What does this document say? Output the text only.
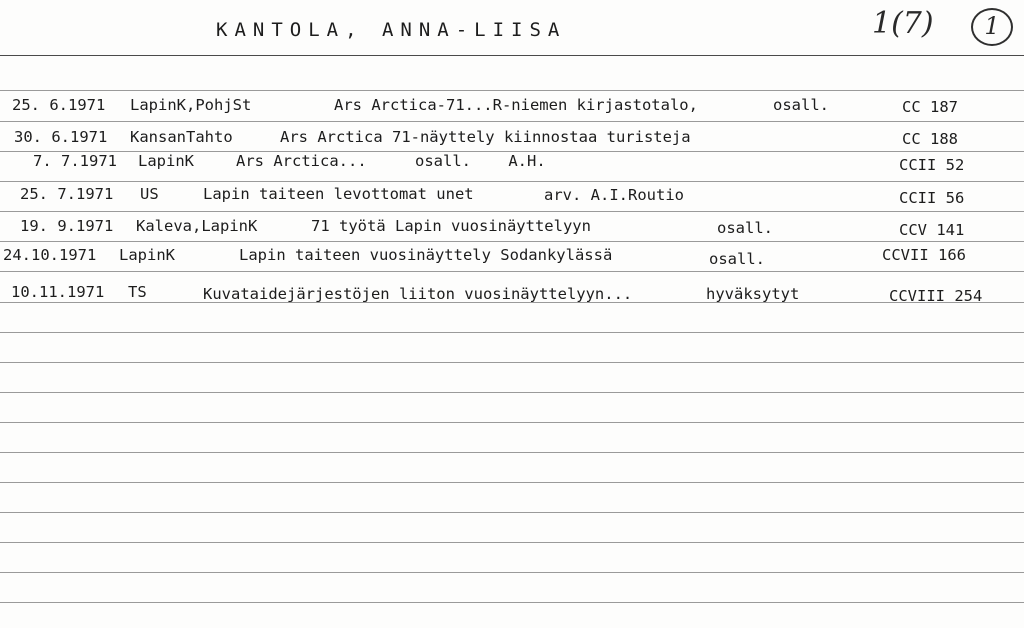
KANTOLA, ANNA-LIISA	1(7)	1
25. 6.1971 LapinK,PohjSt	Ars Arctica-71...R-niemen kirjastotalo,	osall.	CC 187
30. 6.1971 KansanTahto	Ars Arctica 71-näyttely kiinnostaa turisteja	CC 188
7. 7.1971 LapinK	Ars Arctica...	osall.    A.H.	CCII 52
25. 7.1971 US	Lapin taiteen levottomat unet	arv. A.I.Routio	CCII 56
19. 9.1971 Kaleva,LapinK	71 työtä Lapin vuosinäyttelyyn	osall.	CCV 141
24.10.1971 LapinK	Lapin taiteen vuosinäyttely Sodankylässä	osall.	CCVII 166
10.11.1971 TS	Kuvataidejärjestöjen liiton vuosinäyttelyyn...	hyväksytyt	CCVIII 254
